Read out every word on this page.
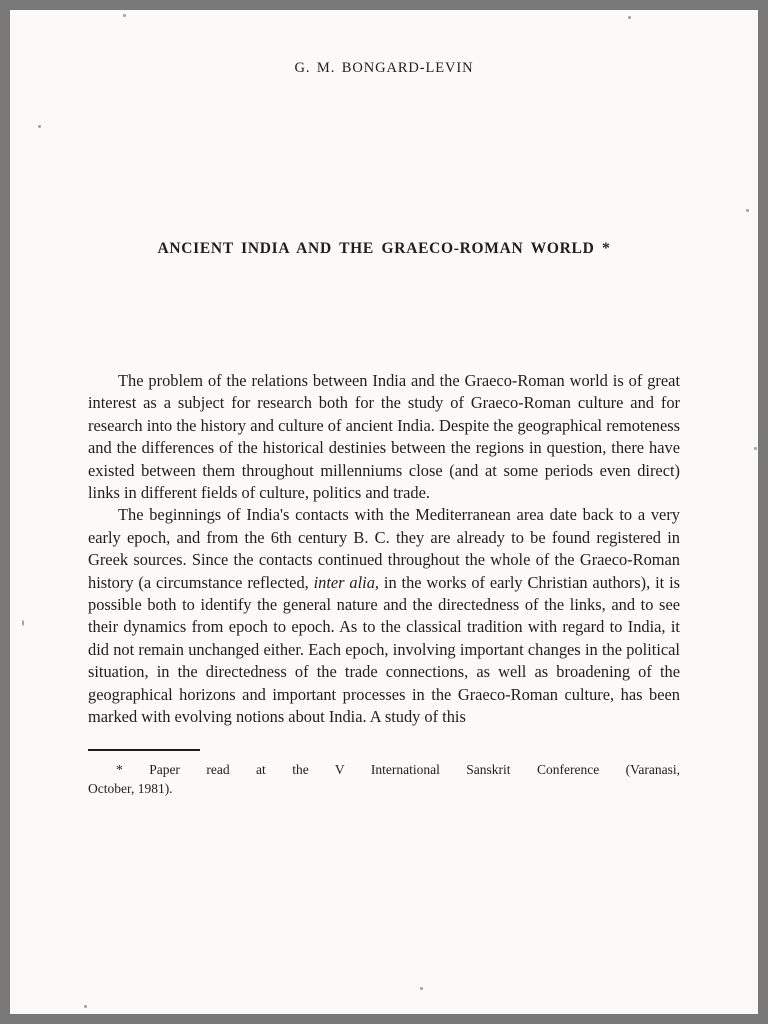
G. M. BONGARD-LEVIN
ANCIENT INDIA AND THE GRAECO-ROMAN WORLD *

The problem of the relations between India and the Graeco-Roman world is of great interest as a subject for research both for the study of Graeco-Roman culture and for research into the history and culture of ancient India. Despite the geographical remoteness and the differences of the historical destinies between the regions in question, there have existed between them throughout millenniums close (and at some periods even direct) links in different fields of culture, politics and trade.

The beginnings of India's contacts with the Mediterranean area date back to a very early epoch, and from the 6th century B. C. they are already to be found registered in Greek sources. Since the contacts continued throughout the whole of the Graeco-Roman history (a circumstance reflected, inter alia, in the works of early Christian authors), it is possible both to identify the general nature and the directedness of the links, and to see their dynamics from epoch to epoch. As to the classical tradition with regard to India, it did not remain unchanged either. Each epoch, involving important changes in the political situation, in the directedness of the trade connections, as well as broadening of the geographical horizons and important processes in the Graeco-Roman culture, has been marked with evolving notions about India. A study of this

* Paper read at the V International Sanskrit Conference (Varanasi,
October, 1981).
